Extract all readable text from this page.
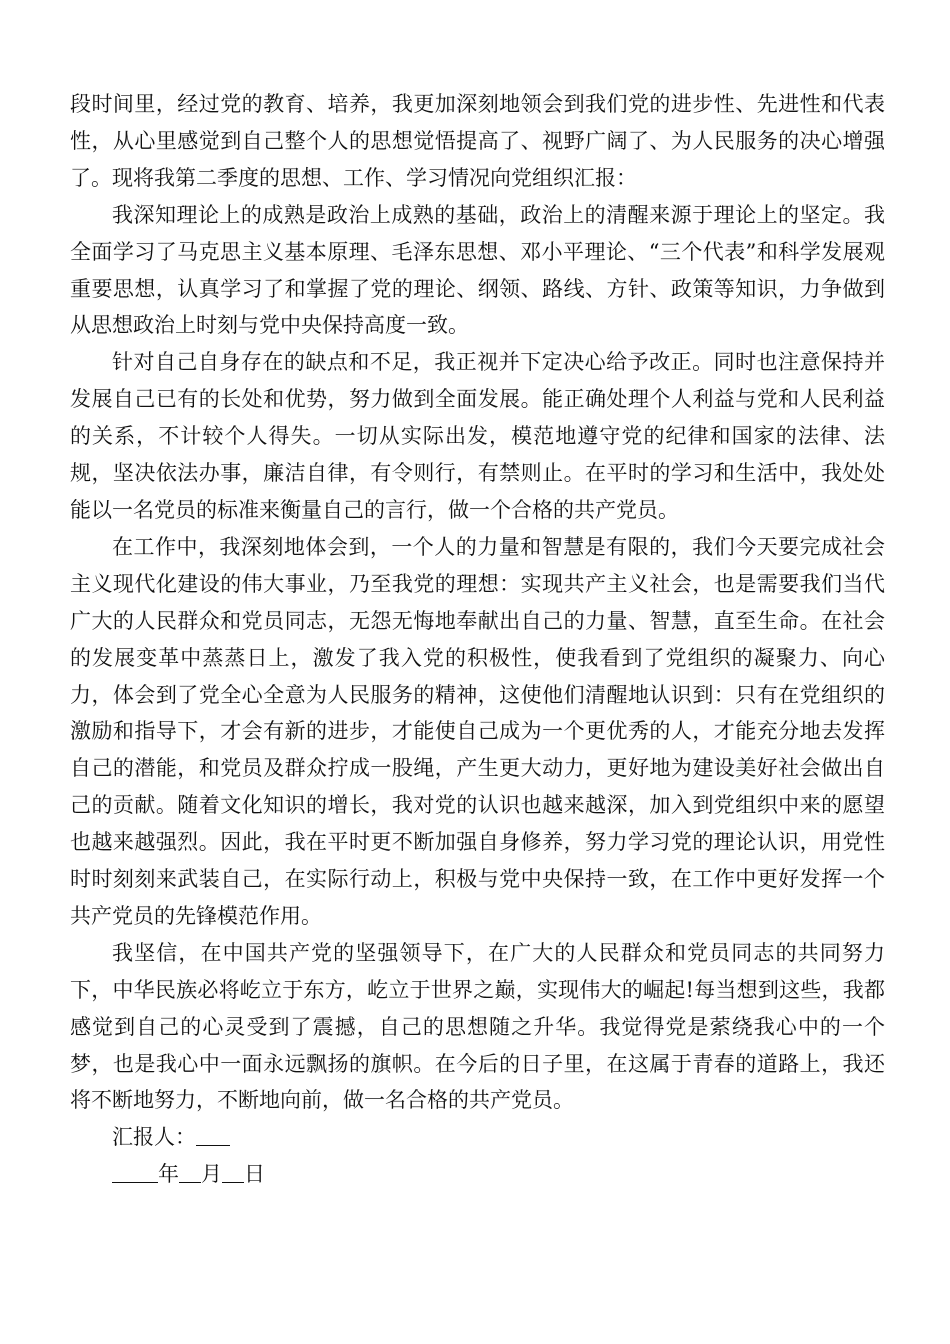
段时间里，经过党的教育、培养，我更加深刻地领会到我们党的进步性、先进性和代表性，从心里感觉到自己整个人的思想觉悟提高了、视野广阔了、为人民服务的决心增强了。现将我第二季度的思想、工作、学习情况向党组织汇报：

我深知理论上的成熟是政治上成熟的基础，政治上的清醒来源于理论上的坚定。我全面学习了马克思主义基本原理、毛泽东思想、邓小平理论、“三个代表”和科学发展观重要思想，认真学习了和掌握了党的理论、纲领、路线、方针、政策等知识，力争做到从思想政治上时刻与党中央保持高度一致。

针对自己自身存在的缺点和不足，我正视并下定决心给予改正。同时也注意保持并发展自己已有的长处和优势，努力做到全面发展。能正确处理个人利益与党和人民利益的关系，不计较个人得失。一切从实际出发，模范地遵守党的纪律和国家的法律、法规，坚决依法办事，廉洁自律，有令则行，有禁则止。在平时的学习和生活中，我处处能以一名党员的标准来衡量自己的言行，做一个合格的共产党员。

在工作中，我深刻地体会到，一个人的力量和智慧是有限的，我们今天要完成社会主义现代化建设的伟大事业，乃至我党的理想：实现共产主义社会，也是需要我们当代广大的人民群众和党员同志，无怨无悔地奉献出自己的力量、智慧，直至生命。在社会的发展变革中蒸蒸日上，激发了我入党的积极性，使我看到了党组织的凝聚力、向心力，体会到了党全心全意为人民服务的精神，这使他们清醒地认识到：只有在党组织的激励和指导下，才会有新的进步，才能使自己成为一个更优秀的人，才能充分地去发挥自己的潜能，和党员及群众拧成一股绳，产生更大动力，更好地为建设美好社会做出自己的贡献。随着文化知识的增长，我对党的认识也越来越深，加入到党组织中来的愿望也越来越强烈。因此，我在平时更不断加强自身修养，努力学习党的理论认识，用党性时时刻刻来武装自己，在实际行动上，积极与党中央保持一致，在工作中更好发挥一个共产党员的先锋模范作用。

我坚信，在中国共产党的坚强领导下，在广大的人民群众和党员同志的共同努力下，中华民族必将屹立于东方，屹立于世界之巅，实现伟大的崛起!每当想到这些，我都感觉到自己的心灵受到了震撼，自己的思想随之升华。我觉得党是萦绕我心中的一个梦，也是我心中一面永远飘扬的旗帜。在今后的日子里，在这属于青春的道路上，我还将不断地努力，不断地向前，做一名合格的共产党员。

汇报人：

年 月 日
